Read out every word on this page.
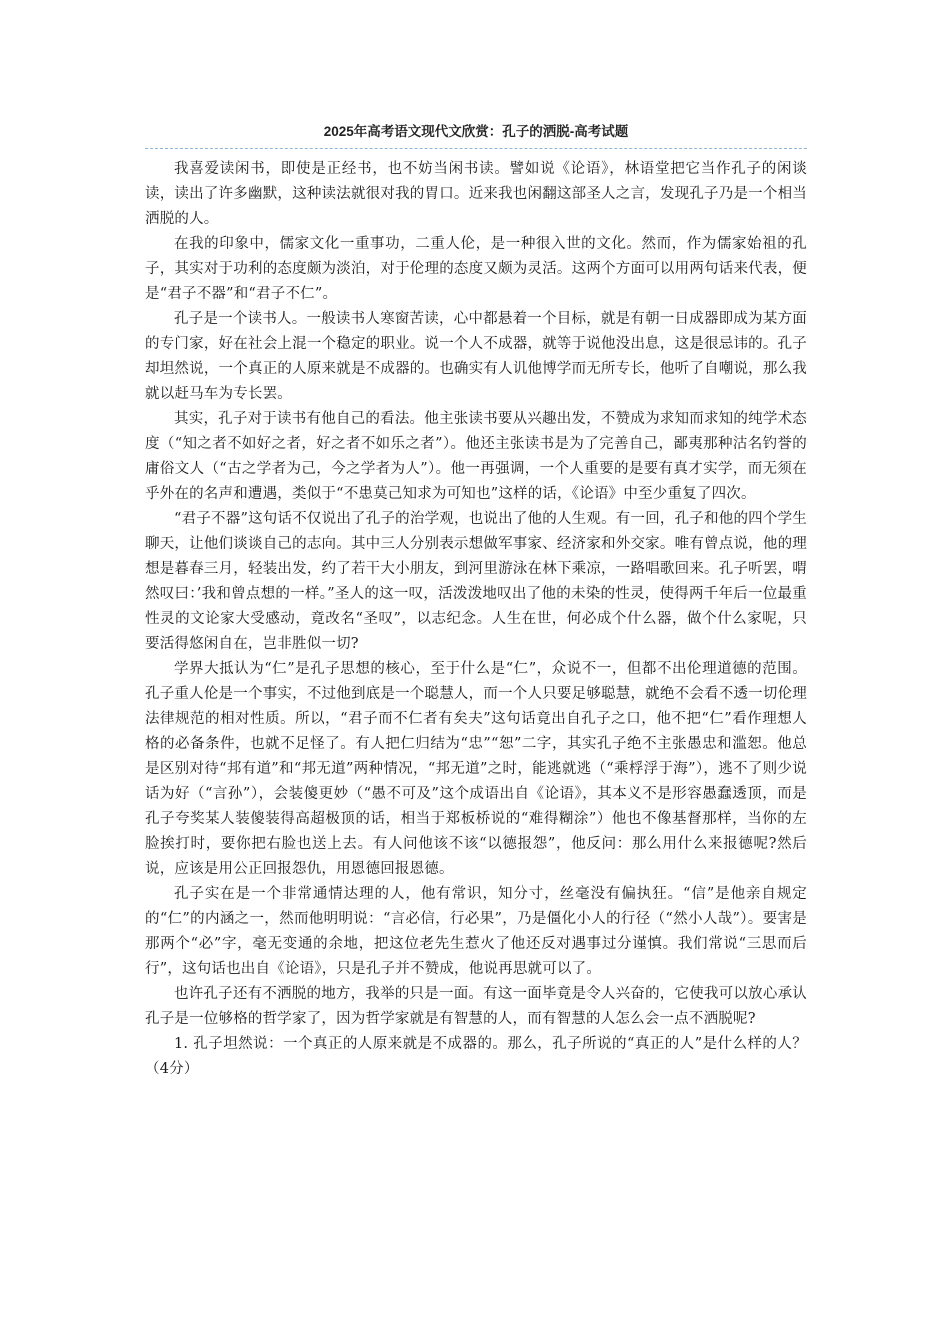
2025年高考语文现代文欣赏：孔子的洒脱-高考试题

我喜爱读闲书，即使是正经书，也不妨当闲书读。譬如说《论语》，林语堂把它当作孔子的闲谈读，读出了许多幽默，这种读法就很对我的胃口。近来我也闲翻这部圣人之言，发现孔子乃是一个相当洒脱的人。

在我的印象中，儒家文化一重事功，二重人伦，是一种很入世的文化。然而，作为儒家始祖的孔子，其实对于功利的态度颇为淡泊，对于伦理的态度又颇为灵活。这两个方面可以用两句话来代表，便是“君子不器”和“君子不仁”。

孔子是一个读书人。一般读书人寒窗苦读，心中都悬着一个目标，就是有朝一日成器即成为某方面的专门家，好在社会上混一个稳定的职业。说一个人不成器，就等于说他没出息，这是很忌讳的。孔子却坦然说，一个真正的人原来就是不成器的。也确实有人讥他博学而无所专长，他听了自嘲说，那么我就以赶马车为专长罢。

其实，孔子对于读书有他自己的看法。他主张读书要从兴趣出发，不赞成为求知而求知的纯学术态度（“知之者不如好之者，好之者不如乐之者”）。他还主张读书是为了完善自己，鄙夷那种沽名钓誉的庸俗文人（“古之学者为己，今之学者为人”）。他一再强调，一个人重要的是要有真才实学，而无须在乎外在的名声和遭遇，类似于“不患莫己知求为可知也”这样的话，《论语》中至少重复了四次。

“君子不器”这句话不仅说出了孔子的治学观，也说出了他的人生观。有一回，孔子和他的四个学生聊天，让他们谈谈自己的志向。其中三人分别表示想做军事家、经济家和外交家。唯有曾点说，他的理想是暮春三月，轻装出发，约了若干大小朋友，到河里游泳在林下乘凉，一路唱歌回来。孔子听罢，喟然叹曰：’我和曾点想的一样。”圣人的这一叹，活泼泼地叹出了他的未染的性灵，使得两千年后一位最重性灵的文论家大受感动，竟改名“圣叹”，以志纪念。人生在世，何必成个什么器，做个什么家呢，只要活得悠闲自在，岂非胜似一切?

学界大抵认为“仁”是孔子思想的核心，至于什么是“仁”，众说不一，但都不出伦理道德的范围。孔子重人伦是一个事实，不过他到底是一个聪慧人，而一个人只要足够聪慧，就绝不会看不透一切伦理法律规范的相对性质。所以，“君子而不仁者有矣夫”这句话竟出自孔子之口，他不把“仁”看作理想人格的必备条件，也就不足怪了。有人把仁归结为“忠”“恕”二字，其实孔子绝不主张愚忠和滥恕。他总是区别对待“邦有道”和“邦无道”两种情况，“邦无道”之时，能逃就逃（“乘桴浮于海”），逃不了则少说话为好（“言孙”），会装傻更妙（“愚不可及”这个成语出自《论语》，其本义不是形容愚蠢透顶，而是孔子夸奖某人装傻装得高超极顶的话，相当于郑板桥说的“难得糊涂”）他也不像基督那样，当你的左脸挨打时，要你把右脸也送上去。有人问他该不该“以德报怨”，他反问：那么用什么来报德呢?然后说，应该是用公正回报怨仇，用恩德回报恩德。

孔子实在是一个非常通情达理的人，他有常识，知分寸，丝毫没有偏执狂。“信”是他亲自规定的“仁”的内涵之一，然而他明明说：“言必信，行必果”，乃是僵化小人的行径（“然小人哉”）。要害是那两个“必”字，毫无变通的余地，把这位老先生惹火了他还反对遇事过分谨慎。我们常说“三思而后行”，这句话也出自《论语》，只是孔子并不赞成，他说再思就可以了。

也许孔子还有不洒脱的地方，我举的只是一面。有这一面毕竟是令人兴奋的，它使我可以放心承认孔子是一位够格的哲学家了，因为哲学家就是有智慧的人，而有智慧的人怎么会一点不洒脱呢?

1. 孔子坦然说：一个真正的人原来就是不成器的。那么，孔子所说的“真正的人”是什么样的人？（4分）
